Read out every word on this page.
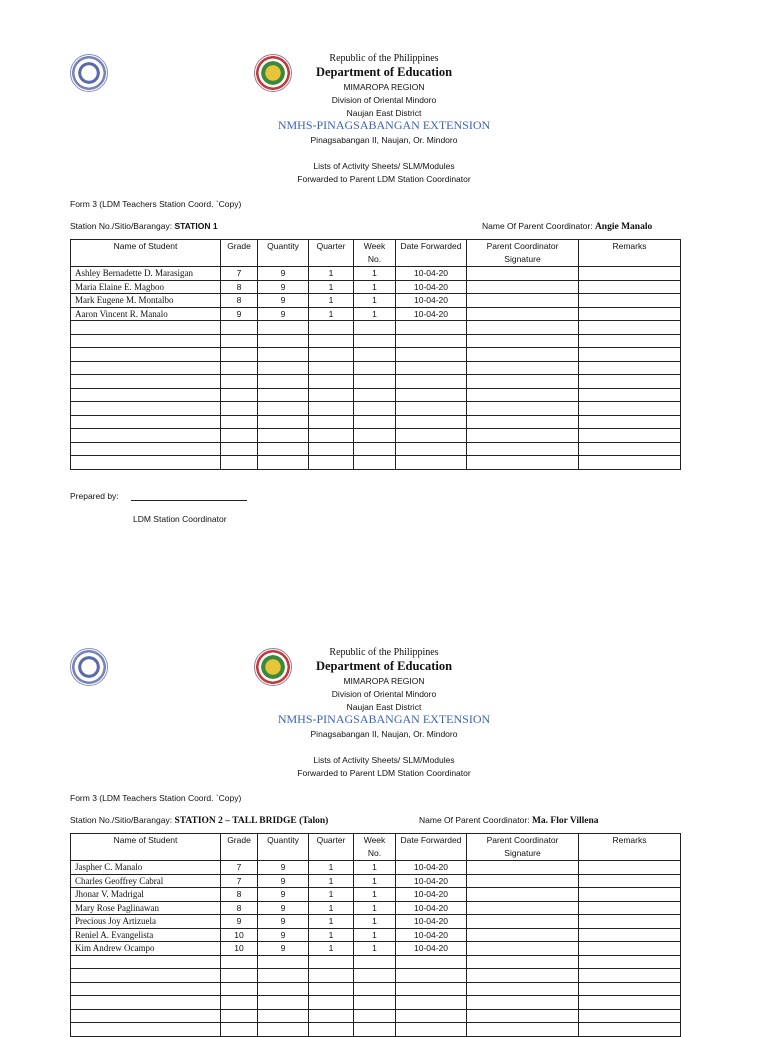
Republic of the Philippines
Department of Education
MIMAROPA REGION
Division of Oriental Mindoro
Naujan East District
NMHS-PINAGSABANGAN EXTENSION
Pinagsabangan II, Naujan, Or. Mindoro
Lists of Activity Sheets/ SLM/Modules
Forwarded to Parent LDM Station Coordinator
Form 3 (LDM Teachers Station Coord. `Copy)
Station No./Sitio/Barangay: STATION 1	Name Of Parent Coordinator: Angie Manalo
Name of Student	Grade	Quantity	Quarter	Week No.	Date Forwarded	Parent Coordinator Signature	Remarks
Ashley Bernadette D. Marasigan	7	9	1	1	10-04-20		
Maria Elaine E. Magboo	8	9	1	1	10-04-20		
Mark Eugene M. Montalbo	8	9	1	1	10-04-20		
Aaron Vincent R. Manalo	9	9	1	1	10-04-20		

Prepared by:
LDM Station Coordinator
Republic of the Philippines
Department of Education
MIMAROPA REGION
Division of Oriental Mindoro
Naujan East District
NMHS-PINAGSABANGAN EXTENSION
Pinagsabangan II, Naujan, Or. Mindoro
Lists of Activity Sheets/ SLM/Modules
Forwarded to Parent LDM Station Coordinator
Form 3 (LDM Teachers Station Coord. `Copy)
Station No./Sitio/Barangay: STATION 2 – TALL BRIDGE (Talon)	Name Of Parent Coordinator: Ma. Flor Villena
Name of Student	Grade	Quantity	Quarter	Week No.	Date Forwarded	Parent Coordinator Signature	Remarks
Jaspher C. Manalo	7	9	1	1	10-04-20		
Charles Geoffrey Cabral	7	9	1	1	10-04-20		
Jhonar V. Madrigal	8	9	1	1	10-04-20		
Mary Rose Paglinawan	8	9	1	1	10-04-20		
Precious Joy Artizuela	9	9	1	1	10-04-20		
Reniel A. Evangelista	10	9	1	1	10-04-20		
Kim Andrew Ocampo	10	9	1	1	10-04-20		
